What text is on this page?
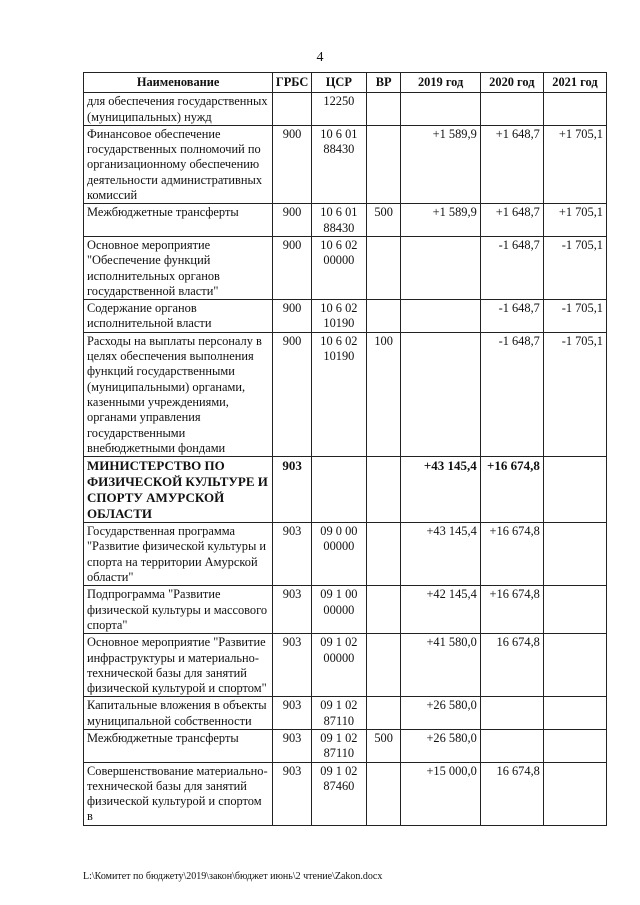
4
Наименование	ГРБС	ЦСР	ВР	2019 год	2020 год	2021 год
для обеспечения государственных (муниципальных) нужд		12250				
Финансовое обеспечение государственных полномочий по организационному обеспечению деятельности административных комиссий	900	10 6 01 88430		+1 589,9	+1 648,7	+1 705,1
Межбюджетные трансферты	900	10 6 01 88430	500	+1 589,9	+1 648,7	+1 705,1
Основное мероприятие "Обеспечение функций исполнительных органов государственной власти"	900	10 6 02 00000			-1 648,7	-1 705,1
Содержание органов исполнительной власти	900	10 6 02 10190			-1 648,7	-1 705,1
Расходы на выплаты персоналу в целях обеспечения выполнения функций государственными (муниципальными) органами, казенными учреждениями, органами управления государственными внебюджетными фондами	900	10 6 02 10190	100		-1 648,7	-1 705,1
МИНИСТЕРСТВО ПО ФИЗИЧЕСКОЙ КУЛЬТУРЕ И СПОРТУ АМУРСКОЙ ОБЛАСТИ	903			+43 145,4	+16 674,8	
Государственная программа "Развитие физической культуры и спорта на территории Амурской области"	903	09 0 00 00000		+43 145,4	+16 674,8	
Подпрограмма "Развитие физической культуры и массового спорта"	903	09 1 00 00000		+42 145,4	+16 674,8	
Основное мероприятие "Развитие инфраструктуры и материально-технической базы для занятий физической культурой и спортом"	903	09 1 02 00000		+41 580,0	16 674,8	
Капитальные вложения в объекты муниципальной собственности	903	09 1 02 87110		+26 580,0		
Межбюджетные трансферты	903	09 1 02 87110	500	+26 580,0		
Совершенствование материально-технической базы для занятий физической культурой и спортом в	903	09 1 02 87460		+15 000,0	16 674,8	
L:\Комитет по бюджету\2019\закон\бюджет июнь\2 чтение\Zakon.docx
